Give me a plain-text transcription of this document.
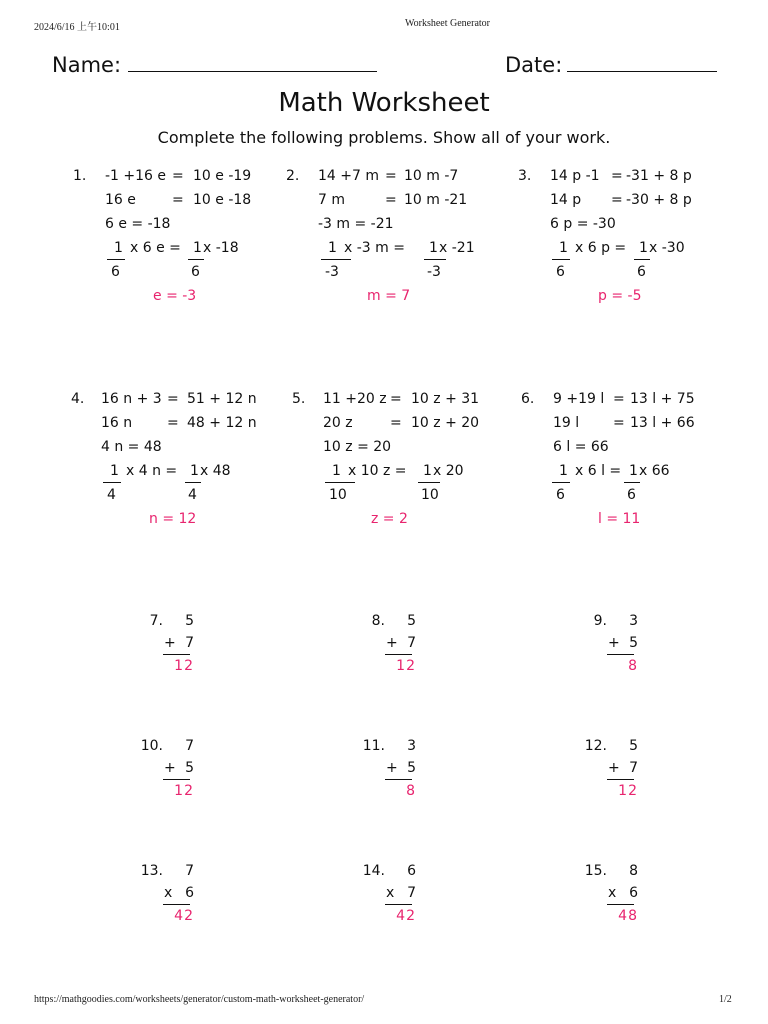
2024/6/16 上午10:01	Worksheet Generator
https://mathgoodies.com/worksheets/generator/custom-math-worksheet-generator/	1/2
Name:	Date:
Math Worksheet
Complete the following problems. Show all of your work.
1. -1 +16 e = 10 e -19
16 e	= 10 e -18
6 e = -18
1 x 6 e = 1 x -18
6	6
e = -3
2. 14 +7 m = 10 m -7
7 m	= 10 m -21
-3 m = -21
1 x -3 m = 1 x -21
-3	-3
m = 7
3. 14 p -1 = -31 + 8 p
14 p = -30 + 8 p
6 p = -30
1 x 6 p = 1 x -30
6	6
p = -5
4. 16 n + 3 = 51 + 12 n
16 n = 48 + 12 n
4 n = 48
1 x 4 n = 1 x 48
4	4
n = 12
5. 11 +20 z = 10 z + 31
20 z	= 10 z + 20
10 z = 20
1 x 10 z = 1 x 20
10	10
z = 2
6. 9 +19 l = 13 l + 75
19 l = 13 l + 66
6 l = 66
1 x 6 l = 1 x 66
6	6
l = 11
7.	5
+ 7
12
8.	5
+ 7
12
9.	3
+ 5
8
10.	7
+ 5
12
11.	3
+ 5
8
12.	5
+ 7
12
13.	7
x 6
42
14.	6
x 7
42
15.	8
x 6
48
